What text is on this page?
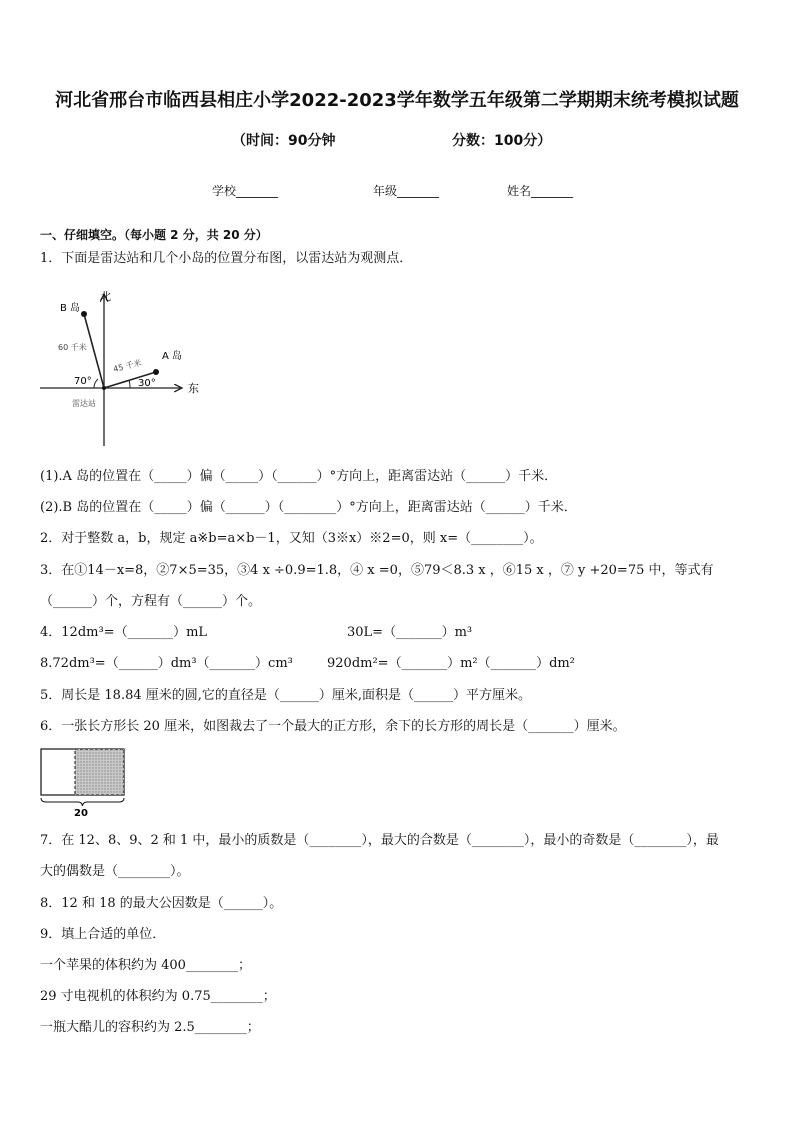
河北省邢台市临西县相庄小学2022-2023学年数学五年级第二学期期末统考模拟试题
（时间：90分钟	分数：100分）
学校_______	年级_______	姓名_______
一、仔细填空。（每小题 2 分，共 20 分）
1．下面是雷达站和几个小岛的位置分布图，以雷达站为观测点．
北
东
B 岛
A 岛
60 千米
45 千米
70°	30°
雷达站
(1).A 岛的位置在（_____）偏（_____）（______）°方向上，距离雷达站（______）千米．
(2).B 岛的位置在（_____）偏（______）（________）°方向上，距离雷达站（______）千米．
2．对于整数 a，b，规定 a※b=a×b－1，又知（3※x）※2=0，则 x=（________）。
3．在①14－x=8，②7×5=35，③4 x ÷0.9=1.8，④ x =0，⑤79＜8.3 x ，⑥15 x ，⑦ y +20=75 中，等式有
（______）个，方程有（______）个。
4．12dm³=（_______）mL	30L=（_______）m³
8.72dm³=（______）dm³（_______）cm³	920dm²=（_______）m²（_______）dm²
5．周长是 18.84 厘米的圆,它的直径是（______）厘米,面积是（______）平方厘米。
6．一张长方形长 20 厘米，如图裁去了一个最大的正方形，余下的长方形的周长是（_______）厘米。
20
7．在 12、8、9、2 和 1 中，最小的质数是（________），最大的合数是（________），最小的奇数是（________），最
大的偶数是（________）。
8．12 和 18 的最大公因数是（______）。
9．填上合适的单位．
一个苹果的体积约为 400________；
29 寸电视机的体积约为 0.75________；
一瓶大酷儿的容积约为 2.5________；
